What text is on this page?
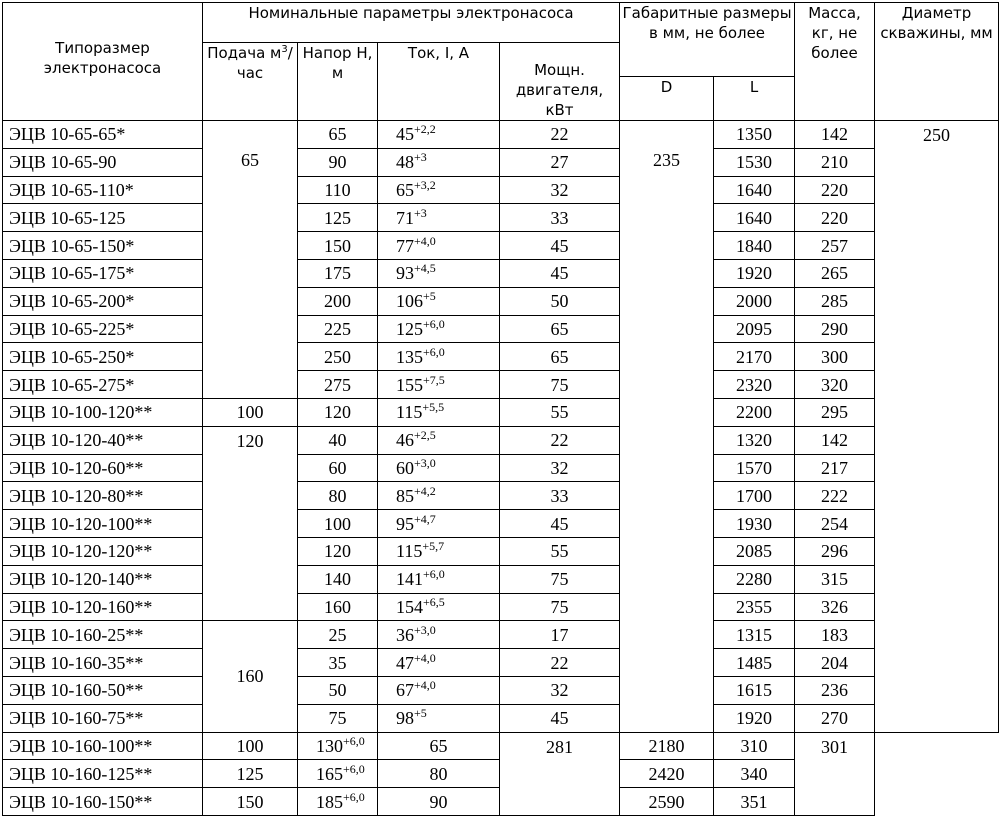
Типоразмер электронасоса	Номинальные параметры электронасоса				Габаритные размеры в мм, не более		Масса, кг, не более	Диаметр скважины, мм
	Подача $м^3$/час	Напор H, м	Ток, I, А	Мощн. двигателя, кВт				
					D	L		
ЭЦВ 10-65-65*	65	65	$45^{+2,2}$	22	235	1350	142	250
ЭЦВ 10-65-90		90	$48^{+3}$	27		1530	210	
ЭЦВ 10-65-110*		110	$65^{+3,2}$	32		1640	220	
ЭЦВ 10-65-125		125	$71^{+3}$	33		1640	220	
ЭЦВ 10-65-150*		150	$77^{+4,0}$	45		1840	257	
ЭЦВ 10-65-175*		175	$93^{+4,5}$	45		1920	265	
ЭЦВ 10-65-200*		200	$106^{+5}$	50		2000	285	
ЭЦВ 10-65-225*		225	$125^{+6,0}$	65		2095	290	
ЭЦВ 10-65-250*		250	$135^{+6,0}$	65		2170	300	
ЭЦВ 10-65-275*		275	$155^{+7,5}$	75		2320	320	
ЭЦВ 10-100-120**	100	120	$115^{+5,5}$	55		2200	295	
ЭЦВ 10-120-40**	120	40	$46^{+2,5}$	22		1320	142	
ЭЦВ 10-120-60**		60	$60^{+3,0}$	32		1570	217	
ЭЦВ 10-120-80**		80	$85^{+4,2}$	33		1700	222	
ЭЦВ 10-120-100**		100	$95^{+4,7}$	45		1930	254	
ЭЦВ 10-120-120**		120	$115^{+5,7}$	55		2085	296	
ЭЦВ 10-120-140**		140	$141^{+6,0}$	75		2280	315	
ЭЦВ 10-120-160**		160	$154^{+6,5}$	75		2355	326	
ЭЦВ 10-160-25**	160	25	$36^{+3,0}$	17		1315	183	
ЭЦВ 10-160-35**		35	$47^{+4,0}$	22		1485	204	
ЭЦВ 10-160-50**		50	$67^{+4,0}$	32		1615	236	
ЭЦВ 10-160-75**		75	$98^{+5}$	45		1920	270	
ЭЦВ 10-160-100**	100	$130^{+6,0}$	65	281	2180	310	301	
ЭЦВ 10-160-125**	125	$165^{+6,0}$	80		2420	340		
ЭЦВ 10-160-150**	150	$185^{+6,0}$	90		2590	351		
